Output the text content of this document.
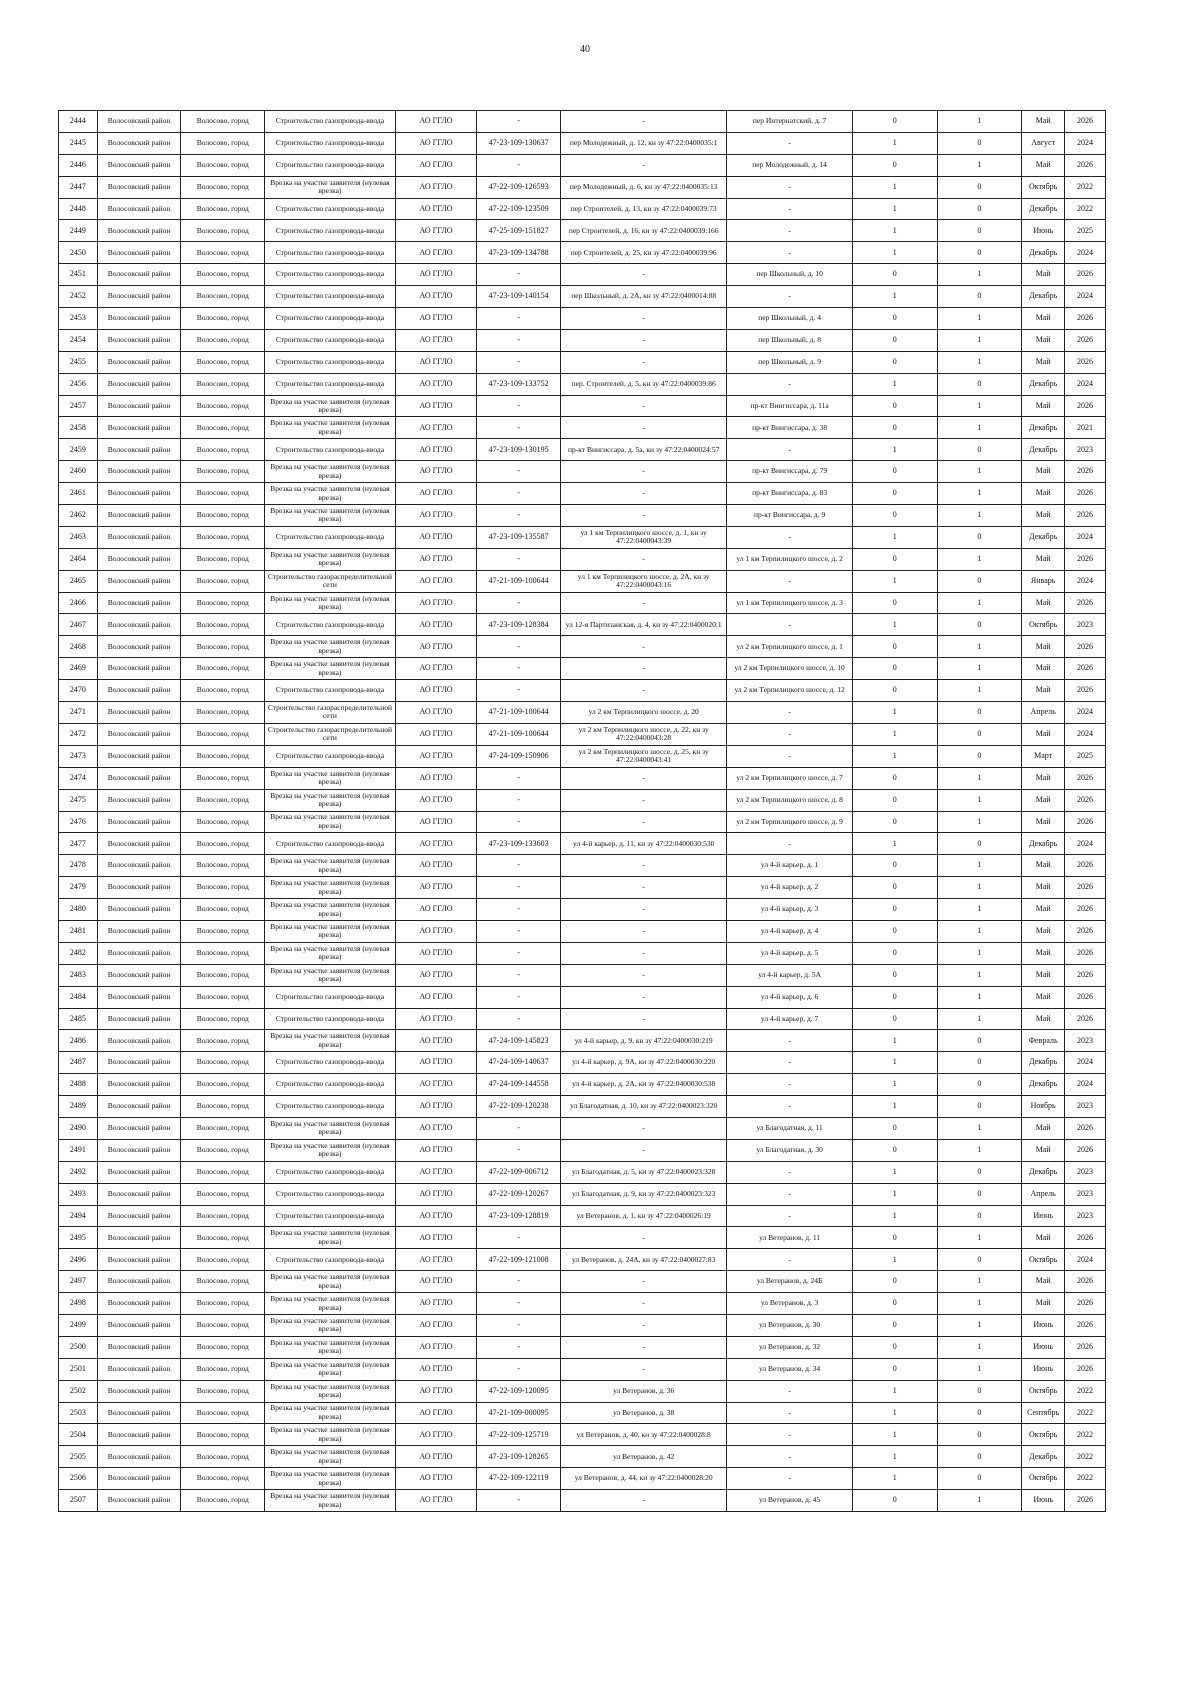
40
2444	Волосовский район	Волосово, город	Строительство газопровода-ввода	АО ГГЛО	-	-	пер Интернатский, д. 7	0	1	Май	2026
2445	Волосовский район	Волосово, город	Строительство газопровода-ввода	АО ГГЛО	47-23-109-130637	пер Молодежный, д. 12, кн зу 47:22:0400035:1	-	1	0	Август	2024
2446	Волосовский район	Волосово, город	Строительство газопровода-ввода	АО ГГЛО	-	-	пер Молодежный, д. 14	0	1	Май	2026
2447	Волосовский район	Волосово, город	Врезка на участке заявителя (нулевая врезка)	АО ГГЛО	47-22-109-126593	пер Молодежный, д. 6, кн зу 47:22:0400035:13	-	1	0	Октябрь	2022
2448	Волосовский район	Волосово, город	Строительство газопровода-ввода	АО ГГЛО	47-22-109-123509	пер Строителей, д. 13, кн зу 47:22:0400039:73	-	1	0	Декабрь	2022
2449	Волосовский район	Волосово, город	Строительство газопровода-ввода	АО ГГЛО	47-25-109-151827	пер Строителей, д. 16, кн зу 47:22:0400039:166	-	1	0	Июнь	2025
2450	Волосовский район	Волосово, город	Строительство газопровода-ввода	АО ГГЛО	47-23-109-134788	пер Строителей, д. 25, кн зу 47:22:0400039:96	-	1	0	Декабрь	2024
2451	Волосовский район	Волосово, город	Строительство газопровода-ввода	АО ГГЛО	-	-	пер Школьный, д. 10	0	1	Май	2026
2452	Волосовский район	Волосово, город	Строительство газопровода-ввода	АО ГГЛО	47-23-109-140154	пер Школьный, д. 2А, кн зу 47:22:0400014:88	-	1	0	Декабрь	2024
2453	Волосовский район	Волосово, город	Строительство газопровода-ввода	АО ГГЛО	-	-	пер Школьный, д. 4	0	1	Май	2026
2454	Волосовский район	Волосово, город	Строительство газопровода-ввода	АО ГГЛО	-	-	пер Школьный, д. 8	0	1	Май	2026
2455	Волосовский район	Волосово, город	Строительство газопровода-ввода	АО ГГЛО	-	-	пер Школьный, д. 9	0	1	Май	2026
2456	Волосовский район	Волосово, город	Строительство газопровода-ввода	АО ГГЛО	47-23-109-133752	пер. Строителей, д. 5, кн зу 47:22:0400039:86	-	1	0	Декабрь	2024
2457	Волосовский район	Волосово, город	Врезка на участке заявителя (нулевая врезка)	АО ГГЛО	-	-	пр-кт Вингиссара, д. 11а	0	1	Май	2026
2458	Волосовский район	Волосово, город	Врезка на участке заявителя (нулевая врезка)	АО ГГЛО	-	-	пр-кт Вингиссара, д. 38	0	1	Декабрь	2021
2459	Волосовский район	Волосово, город	Строительство газопровода-ввода	АО ГГЛО	47-23-109-130195	пр-кт Вингиссара, д. 5а, кн зу 47:22:0400024:57	-	1	0	Декабрь	2023
2460	Волосовский район	Волосово, город	Врезка на участке заявителя (нулевая врезка)	АО ГГЛО	-	-	пр-кт Вингиссара, д. 79	0	1	Май	2026
2461	Волосовский район	Волосово, город	Врезка на участке заявителя (нулевая врезка)	АО ГГЛО	-	-	пр-кт Вингиссара, д. 83	0	1	Май	2026
2462	Волосовский район	Волосово, город	Врезка на участке заявителя (нулевая врезка)	АО ГГЛО	-	-	пр-кт Вингиссара, д. 9	0	1	Май	2026
2463	Волосовский район	Волосово, город	Строительство газопровода-ввода	АО ГГЛО	47-23-109-135587	ул 1 км Терпилицкого шоссе, д. 1, кн зу 47:22:0400043:39	-	1	0	Декабрь	2024
2464	Волосовский район	Волосово, город	Врезка на участке заявителя (нулевая врезка)	АО ГГЛО	-	-	ул 1 км Терпилицкого шоссе, д. 2	0	1	Май	2026
2465	Волосовский район	Волосово, город	Строительство газораспределительной сети	АО ГГЛО	47-21-109-100644	ул 1 км Терпилицкого шоссе, д. 2А, кн зу 47:22:0400043:16	-	1	0	Январь	2024
2466	Волосовский район	Волосово, город	Врезка на участке заявителя (нулевая врезка)	АО ГГЛО	-	-	ул 1 км Терпилицкого шоссе, д. 3	0	1	Май	2026
2467	Волосовский район	Волосово, город	Строительство газопровода-ввода	АО ГГЛО	47-23-109-128384	ул 12-я Партизанская, д. 4, кн зу 47:22:0400020:1	-	1	0	Октябрь	2023
2468	Волосовский район	Волосово, город	Врезка на участке заявителя (нулевая врезка)	АО ГГЛО	-	-	ул 2 км Терпилицкого шоссе, д. 1	0	1	Май	2026
2469	Волосовский район	Волосово, город	Врезка на участке заявителя (нулевая врезка)	АО ГГЛО	-	-	ул 2 км Терпилицкого шоссе, д. 10	0	1	Май	2026
2470	Волосовский район	Волосово, город	Строительство газопровода-ввода	АО ГГЛО	-	-	ул 2 км Терпилицкого шоссе, д. 12	0	1	Май	2026
2471	Волосовский район	Волосово, город	Строительство газораспределительной сети	АО ГГЛО	47-21-109-100644	ул 2 км Терпилицкого шоссе, д. 20	-	1	0	Апрель	2024
2472	Волосовский район	Волосово, город	Строительство газораспределительной сети	АО ГГЛО	47-21-109-100644	ул 2 км Терпилицкого шоссе, д. 22, кн зу 47:22:0400043:28	-	1	0	Май	2024
2473	Волосовский район	Волосово, город	Строительство газопровода-ввода	АО ГГЛО	47-24-109-150906	ул 2 км Терпилицкого шоссе, д. 25, кн зу 47:22:0400043:41	-	1	0	Март	2025
2474	Волосовский район	Волосово, город	Врезка на участке заявителя (нулевая врезка)	АО ГГЛО	-	-	ул 2 км Терпилицкого шоссе, д. 7	0	1	Май	2026
2475	Волосовский район	Волосово, город	Врезка на участке заявителя (нулевая врезка)	АО ГГЛО	-	-	ул 2 км Терпилицкого шоссе, д. 8	0	1	Май	2026
2476	Волосовский район	Волосово, город	Врезка на участке заявителя (нулевая врезка)	АО ГГЛО	-	-	ул 2 км Терпилицкого шоссе, д. 9	0	1	Май	2026
2477	Волосовский район	Волосово, город	Строительство газопровода-ввода	АО ГГЛО	47-23-109-133603	ул 4-й карьер, д. 11, кн зу 47:22:0400030:530	-	1	0	Декабрь	2024
2478	Волосовский район	Волосово, город	Врезка на участке заявителя (нулевая врезка)	АО ГГЛО	-	-	ул 4-й карьер, д. 1	0	1	Май	2026
2479	Волосовский район	Волосово, город	Врезка на участке заявителя (нулевая врезка)	АО ГГЛО	-	-	ул 4-й карьер, д. 2	0	1	Май	2026
2480	Волосовский район	Волосово, город	Врезка на участке заявителя (нулевая врезка)	АО ГГЛО	-	-	ул 4-й карьер, д. 3	0	1	Май	2026
2481	Волосовский район	Волосово, город	Врезка на участке заявителя (нулевая врезка)	АО ГГЛО	-	-	ул 4-й карьер, д. 4	0	1	Май	2026
2482	Волосовский район	Волосово, город	Врезка на участке заявителя (нулевая врезка)	АО ГГЛО	-	-	ул 4-й карьер, д. 5	0	1	Май	2026
2483	Волосовский район	Волосово, город	Врезка на участке заявителя (нулевая врезка)	АО ГГЛО	-	-	ул 4-й карьер, д. 5А	0	1	Май	2026
2484	Волосовский район	Волосово, город	Строительство газопровода-ввода	АО ГГЛО	-	-	ул 4-й карьер, д. 6	0	1	Май	2026
2485	Волосовский район	Волосово, город	Строительство газопровода-ввода	АО ГГЛО	-	-	ул 4-й карьер, д. 7	0	1	Май	2026
2486	Волосовский район	Волосово, город	Врезка на участке заявителя (нулевая врезка)	АО ГГЛО	47-24-109-145823	ул 4-й карьер, д. 9, кн зу 47:22:0400030:219	-	1	0	Февраль	2023
2487	Волосовский район	Волосово, город	Строительство газопровода-ввода	АО ГГЛО	47-24-109-140637	ул 4-й карьер, д. 9А, кн зу 47:22:0400030:220	-	1	0	Декабрь	2024
2488	Волосовский район	Волосово, город	Строительство газопровода-ввода	АО ГГЛО	47-24-109-144558	ул 4-й карьер, д. 2А, кн зу 47:22:0400030:538	-	1	0	Декабрь	2024
2489	Волосовский район	Волосово, город	Строительство газопровода-ввода	АО ГГЛО	47-22-109-120238	ул Благодатная, д. 10, кн зу 47:22:0400023:320	-	1	0	Ноябрь	2023
2490	Волосовский район	Волосово, город	Врезка на участке заявителя (нулевая врезка)	АО ГГЛО	-	-	ул Благодатная, д. 11	0	1	Май	2026
2491	Волосовский район	Волосово, город	Врезка на участке заявителя (нулевая врезка)	АО ГГЛО	-	-	ул Благодатная, д. 30	0	1	Май	2026
2492	Волосовский район	Волосово, город	Строительство газопровода-ввода	АО ГГЛО	47-22-109-006712	ул Благодатная, д. 5, кн зу 47:22:0400023:328	-	1	0	Декабрь	2023
2493	Волосовский район	Волосово, город	Строительство газопровода-ввода	АО ГГЛО	47-22-109-120267	ул Благодатная, д. 9, кн зу 47:22:0400023:323	-	1	0	Апрель	2023
2494	Волосовский район	Волосово, город	Строительство газопровода-ввода	АО ГГЛО	47-23-109-128819	ул Ветеранов, д. 1, кн зу 47:22:0400026:19	-	1	0	Июнь	2023
2495	Волосовский район	Волосово, город	Врезка на участке заявителя (нулевая врезка)	АО ГГЛО	-	-	ул Ветеранов, д. 11	0	1	Май	2026
2496	Волосовский район	Волосово, город	Строительство газопровода-ввода	АО ГГЛО	47-22-109-121008	ул Ветеранов, д. 24А, кн зу 47:22:0400027:83	-	1	0	Октябрь	2024
2497	Волосовский район	Волосово, город	Врезка на участке заявителя (нулевая врезка)	АО ГГЛО	-	-	ул Ветеранов, д. 24Б	0	1	Май	2026
2498	Волосовский район	Волосово, город	Врезка на участке заявителя (нулевая врезка)	АО ГГЛО	-	-	ул Ветеранов, д. 3	0	1	Май	2026
2499	Волосовский район	Волосово, город	Врезка на участке заявителя (нулевая врезка)	АО ГГЛО	-	-	ул Ветеранов, д. 30	0	1	Июнь	2026
2500	Волосовский район	Волосово, город	Врезка на участке заявителя (нулевая врезка)	АО ГГЛО	-	-	ул Ветеранов, д. 32	0	1	Июнь	2026
2501	Волосовский район	Волосово, город	Врезка на участке заявителя (нулевая врезка)	АО ГГЛО	-	-	ул Ветеранов, д. 34	0	1	Июнь	2026
2502	Волосовский район	Волосово, город	Врезка на участке заявителя (нулевая врезка)	АО ГГЛО	47-22-109-120095	ул Ветеранов, д. 36	-	1	0	Октябрь	2022
2503	Волосовский район	Волосово, город	Врезка на участке заявителя (нулевая врезка)	АО ГГЛО	47-21-109-000095	ул Ветеранов, д. 38	-	1	0	Сентябрь	2022
2504	Волосовский район	Волосово, город	Врезка на участке заявителя (нулевая врезка)	АО ГГЛО	47-22-109-125719	ул Ветеранов, д. 40, кн зу 47:22:0400028:8	-	1	0	Октябрь	2022
2505	Волосовский район	Волосово, город	Врезка на участке заявителя (нулевая врезка)	АО ГГЛО	47-23-109-128265	ул Ветеранов, д. 42	-	1	0	Декабрь	2022
2506	Волосовский район	Волосово, город	Врезка на участке заявителя (нулевая врезка)	АО ГГЛО	47-22-109-122119	ул Ветеранов, д. 44, кн зу 47:22:0400028:20	-	1	0	Октябрь	2022
2507	Волосовский район	Волосово, город	Врезка на участке заявителя (нулевая врезка)	АО ГГЛО	-	-	ул Ветеранов, д. 45	0	1	Июнь	2026
